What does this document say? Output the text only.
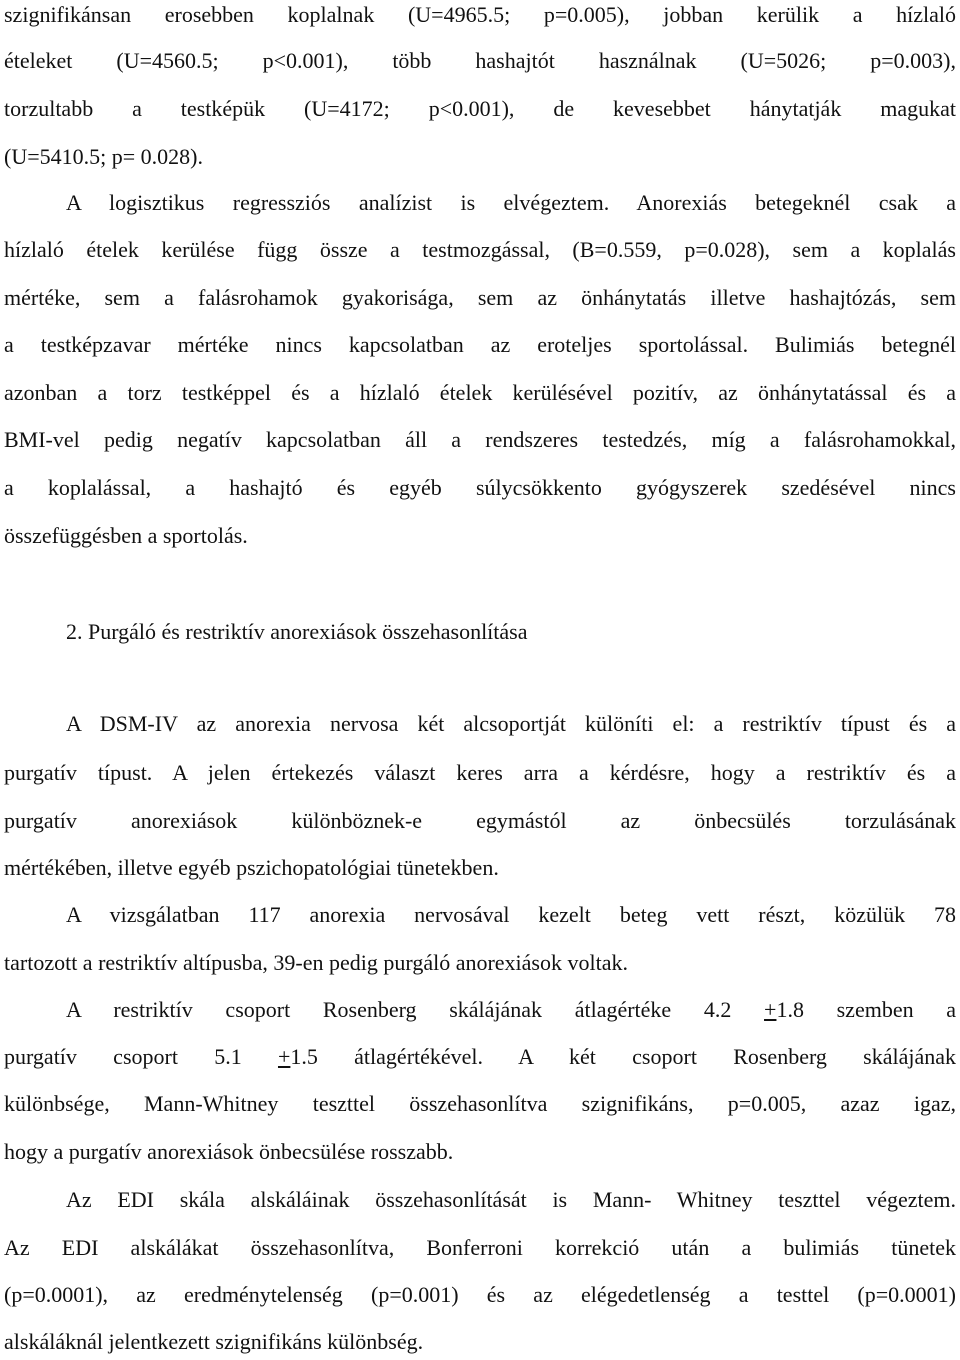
szignifikánsan erosebben koplalnak (U=4965.5; p=0.005), jobban kerülik a hízlaló
ételeket (U=4560.5; p<0.001), több hashajtót használnak (U=5026; p=0.003),
torzultabb a testképük (U=4172; p<0.001), de kevesebbet hánytatják magukat
(U=5410.5; p= 0.028).
A logisztikus regressziós analízist is elvégeztem. Anorexiás betegeknél csak a
hízlaló ételek kerülése függ össze a testmozgással, (B=0.559, p=0.028), sem a koplalás
mértéke, sem a falásrohamok gyakorisága, sem az önhánytatás illetve hashajtózás, sem
a testképzavar mértéke nincs kapcsolatban az eroteljes sportolással. Bulimiás betegnél
azonban a torz testképpel és a hízlaló ételek kerülésével pozitív, az önhánytatással és a
BMI-vel pedig negatív kapcsolatban áll a rendszeres testedzés, míg a falásrohamokkal,
a koplalással, a hashajtó és egyéb súlycsökkento gyógyszerek szedésével nincs
összefüggésben a sportolás.
2. Purgáló és restriktív anorexiások összehasonlítása
A DSM-IV az anorexia nervosa két alcsoportját különíti el: a restriktív típust és a
purgatív típust. A jelen értekezés választ keres arra a kérdésre, hogy a restriktív és a
purgatív anorexiások különböznek-e egymástól az önbecsülés torzulásának
mértékében, illetve egyéb pszichopatológiai tünetekben.
A vizsgálatban 117 anorexia nervosával kezelt beteg vett részt, közülük 78
tartozott a restriktív altípusba, 39-en pedig purgáló anorexiások voltak.
A restriktív csoport Rosenberg skálájának átlagértéke 4.2 +1.8 szemben a
purgatív csoport 5.1 +1.5 átlagértékével. A két csoport Rosenberg skálájának
különbsége, Mann-Whitney teszttel összehasonlítva szignifikáns, p=0.005, azaz igaz,
hogy a purgatív anorexiások önbecsülése rosszabb.
Az EDI skála alskáláinak összehasonlítását is Mann- Whitney teszttel végeztem.
Az EDI alskálákat összehasonlítva, Bonferroni korrekció után a bulimiás tünetek
(p=0.0001), az eredménytelenség (p=0.001) és az elégedetlenség a testtel (p=0.0001)
alskáláknál jelentkezett szignifikáns különbség.
